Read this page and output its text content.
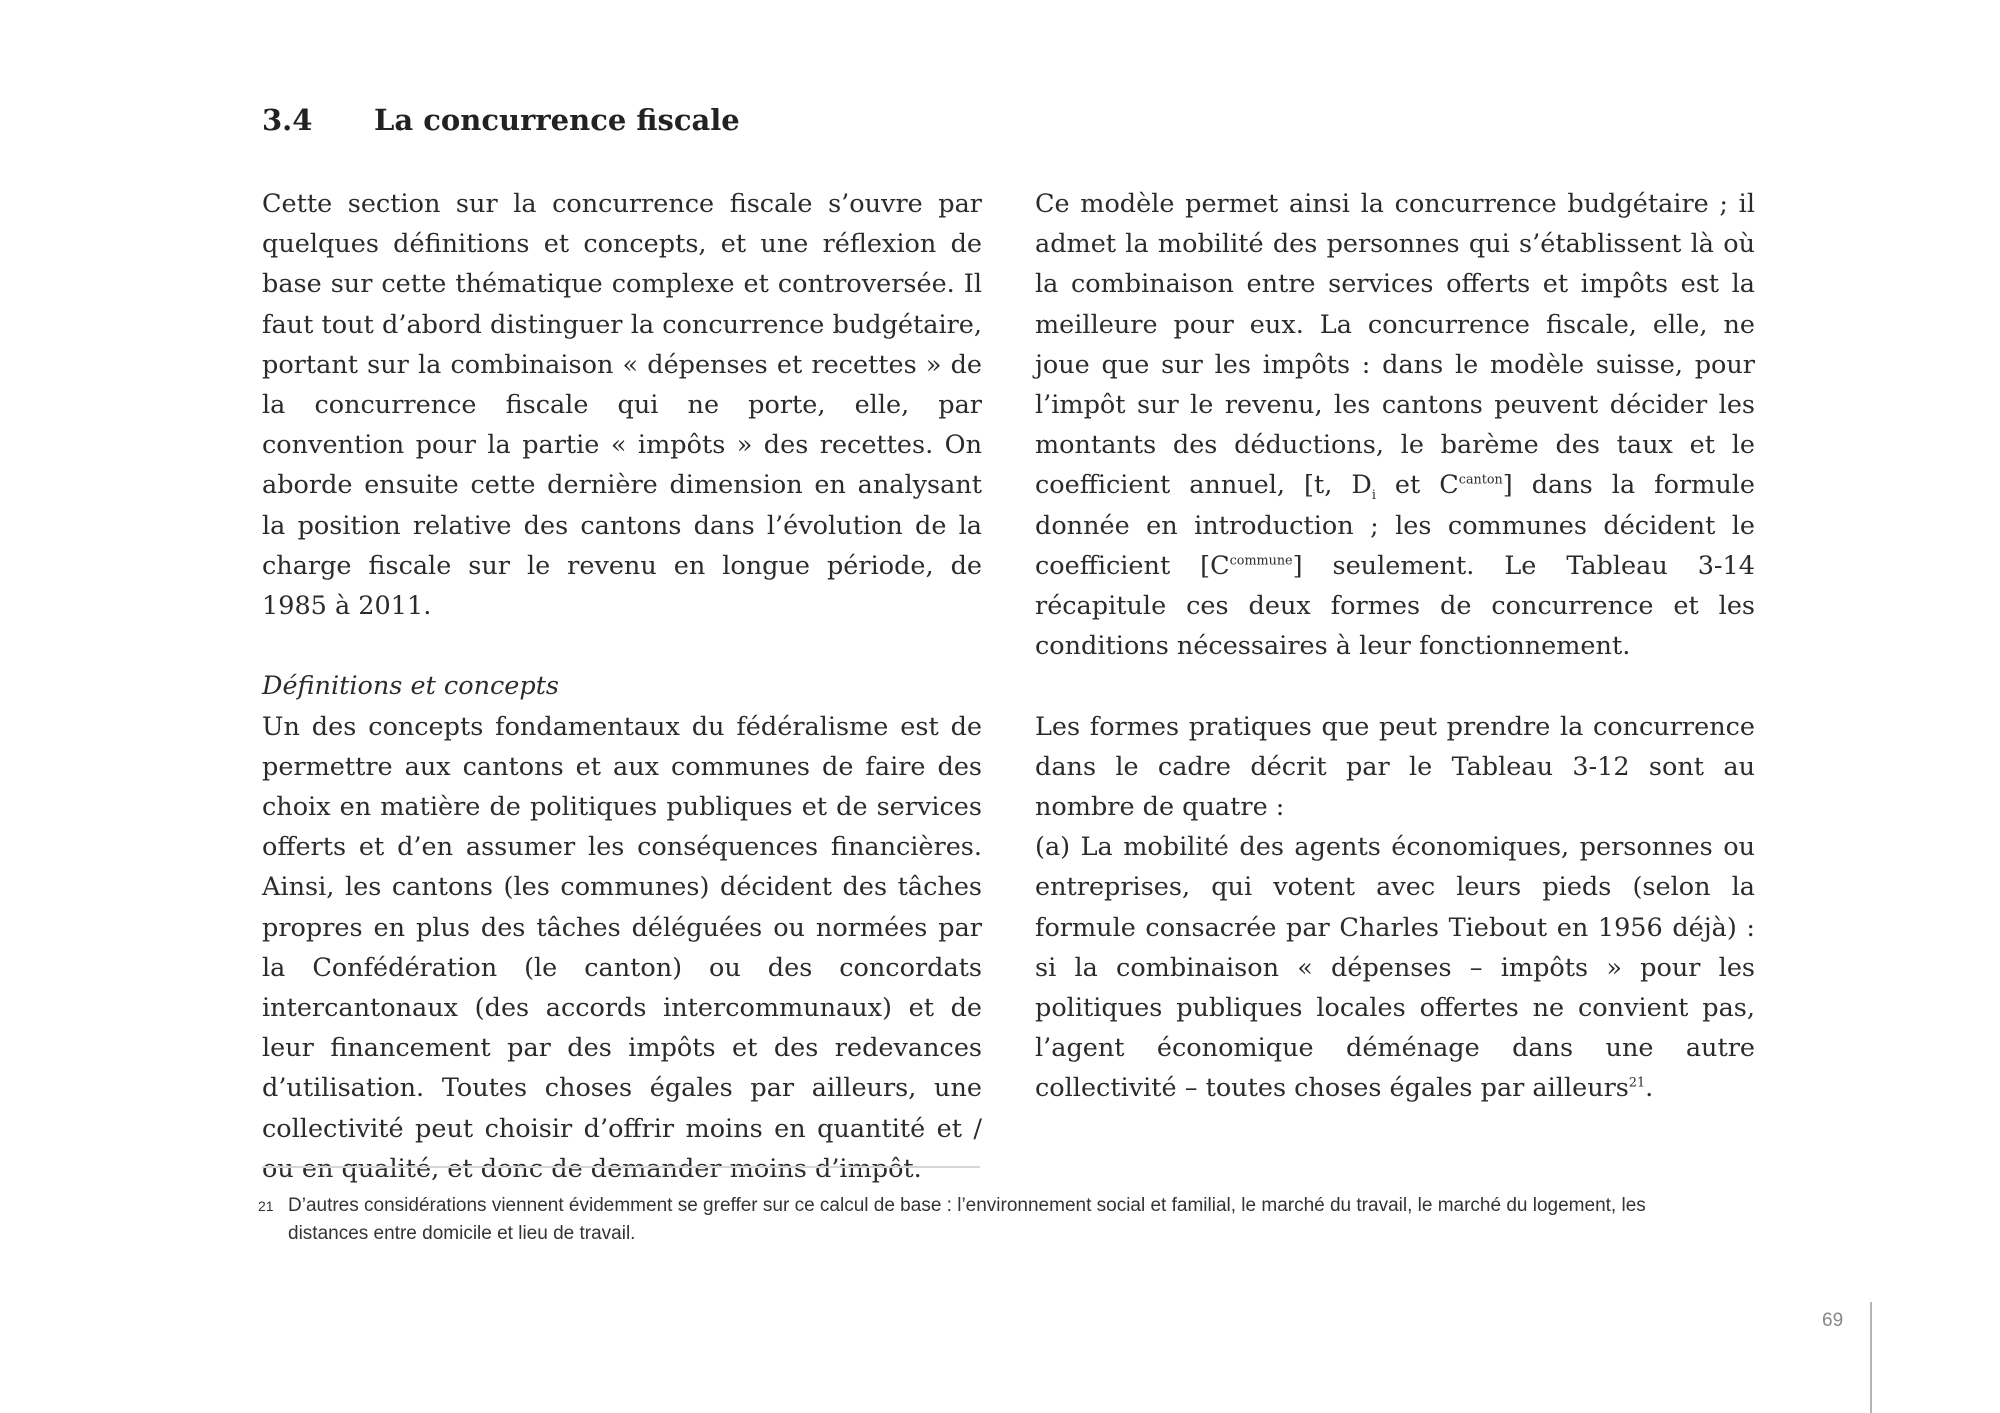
3.4 La concurrence fiscale

Cette section sur la concurrence fiscale s’ouvre par quelques définitions et concepts, et une réflexion de base sur cette thématique complexe et controversée. Il faut tout d’abord distinguer la concurrence budgétaire, portant sur la combinaison « dépenses et recettes » de la concurrence fiscale qui ne porte, elle, par convention pour la partie « impôts » des recettes. On aborde ensuite cette dernière dimension en analysant la position relative des cantons dans l’évolution de la charge fiscale sur le revenu en longue période, de 1985 à 2011.

Définitions et concepts

Un des concepts fondamentaux du fédéralisme est de permettre aux cantons et aux communes de faire des choix en matière de politiques publiques et de services offerts et d’en assumer les conséquences financières. Ainsi, les cantons (les communes) décident des tâches propres en plus des tâches déléguées ou normées par la Confédération (le canton) ou des concordats intercantonaux (des accords intercommunaux) et de leur financement par des impôts et des redevances d’utilisation. Toutes choses égales par ailleurs, une collectivité peut choisir d’offrir moins en quantité et / ou en qualité, et donc de demander moins d’impôt.

Ce modèle permet ainsi la concurrence budgétaire ; il admet la mobilité des personnes qui s’établissent là où la combinaison entre services offerts et impôts est la meilleure pour eux. La concurrence fiscale, elle, ne joue que sur les impôts : dans le modèle suisse, pour l’impôt sur le revenu, les cantons peuvent décider les montants des déductions, le barème des taux et le coefficient annuel, [t, $D_i$ et $C^{canton}$] dans la formule donnée en introduction ; les communes décident le coefficient $[C^{commune}]$ seulement. Le Tableau 3-14 récapitule ces deux formes de concurrence et les conditions nécessaires à leur fonctionnement.

Les formes pratiques que peut prendre la concurrence dans le cadre décrit par le Tableau 3-12 sont au nombre de quatre :

(a) La mobilité des agents économiques, personnes ou entreprises, qui votent avec leurs pieds (selon la formule consacrée par Charles Tiebout en 1956 déjà) : si la combinaison « dépenses – impôts » pour les politiques publiques locales offertes ne convient pas, l’agent économique déménage dans une autre collectivité – toutes choses égales par ailleurs$^{21}$.

21 D’autres considérations viennent évidemment se greffer sur ce calcul de base : l’environnement social et familial, le marché du travail, le marché du logement, les distances entre domicile et lieu de travail.
69
